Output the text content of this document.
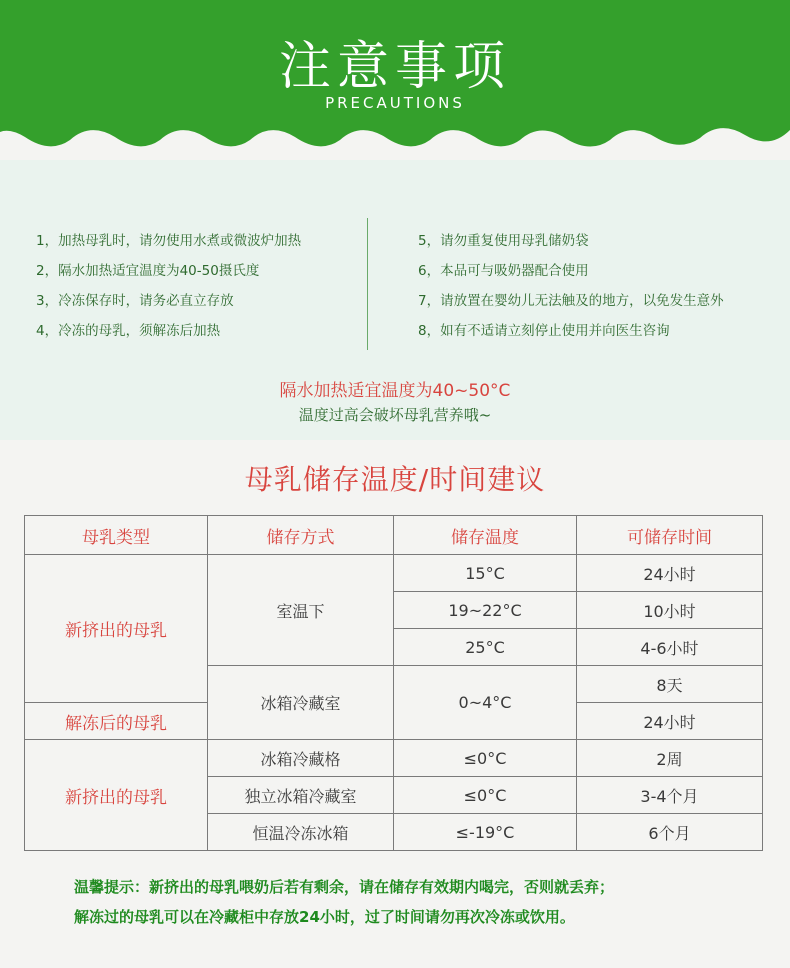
注意事项
PRECAUTIONS
1，加热母乳时，请勿使用水煮或微波炉加热
2，隔水加热适宜温度为40-50摄氏度
3，冷冻保存时，请务必直立存放
4，冷冻的母乳，须解冻后加热
5，请勿重复使用母乳储奶袋
6，本品可与吸奶器配合使用
7，请放置在婴幼儿无法触及的地方，以免发生意外
8，如有不适请立刻停止使用并向医生咨询
隔水加热适宜温度为40~50°C
温度过高会破坏母乳营养哦~
母乳储存温度/时间建议
母乳类型	储存方式	储存温度	可储存时间
新挤出的母乳	室温下	15°C	24小时
		19~22°C	10小时
		25°C	4-6小时
	冰箱冷藏室	0~4°C	8天
解冻后的母乳			24小时
新挤出的母乳	冰箱冷藏格	≤0°C	2周
	独立冰箱冷藏室	≤0°C	3-4个月
	恒温冷冻冰箱	≤-19°C	6个月
温馨提示：新挤出的母乳喂奶后若有剩余，请在储存有效期内喝完，否则就丢弃；
解冻过的母乳可以在冷藏柜中存放24小时，过了时间请勿再次冷冻或饮用。
